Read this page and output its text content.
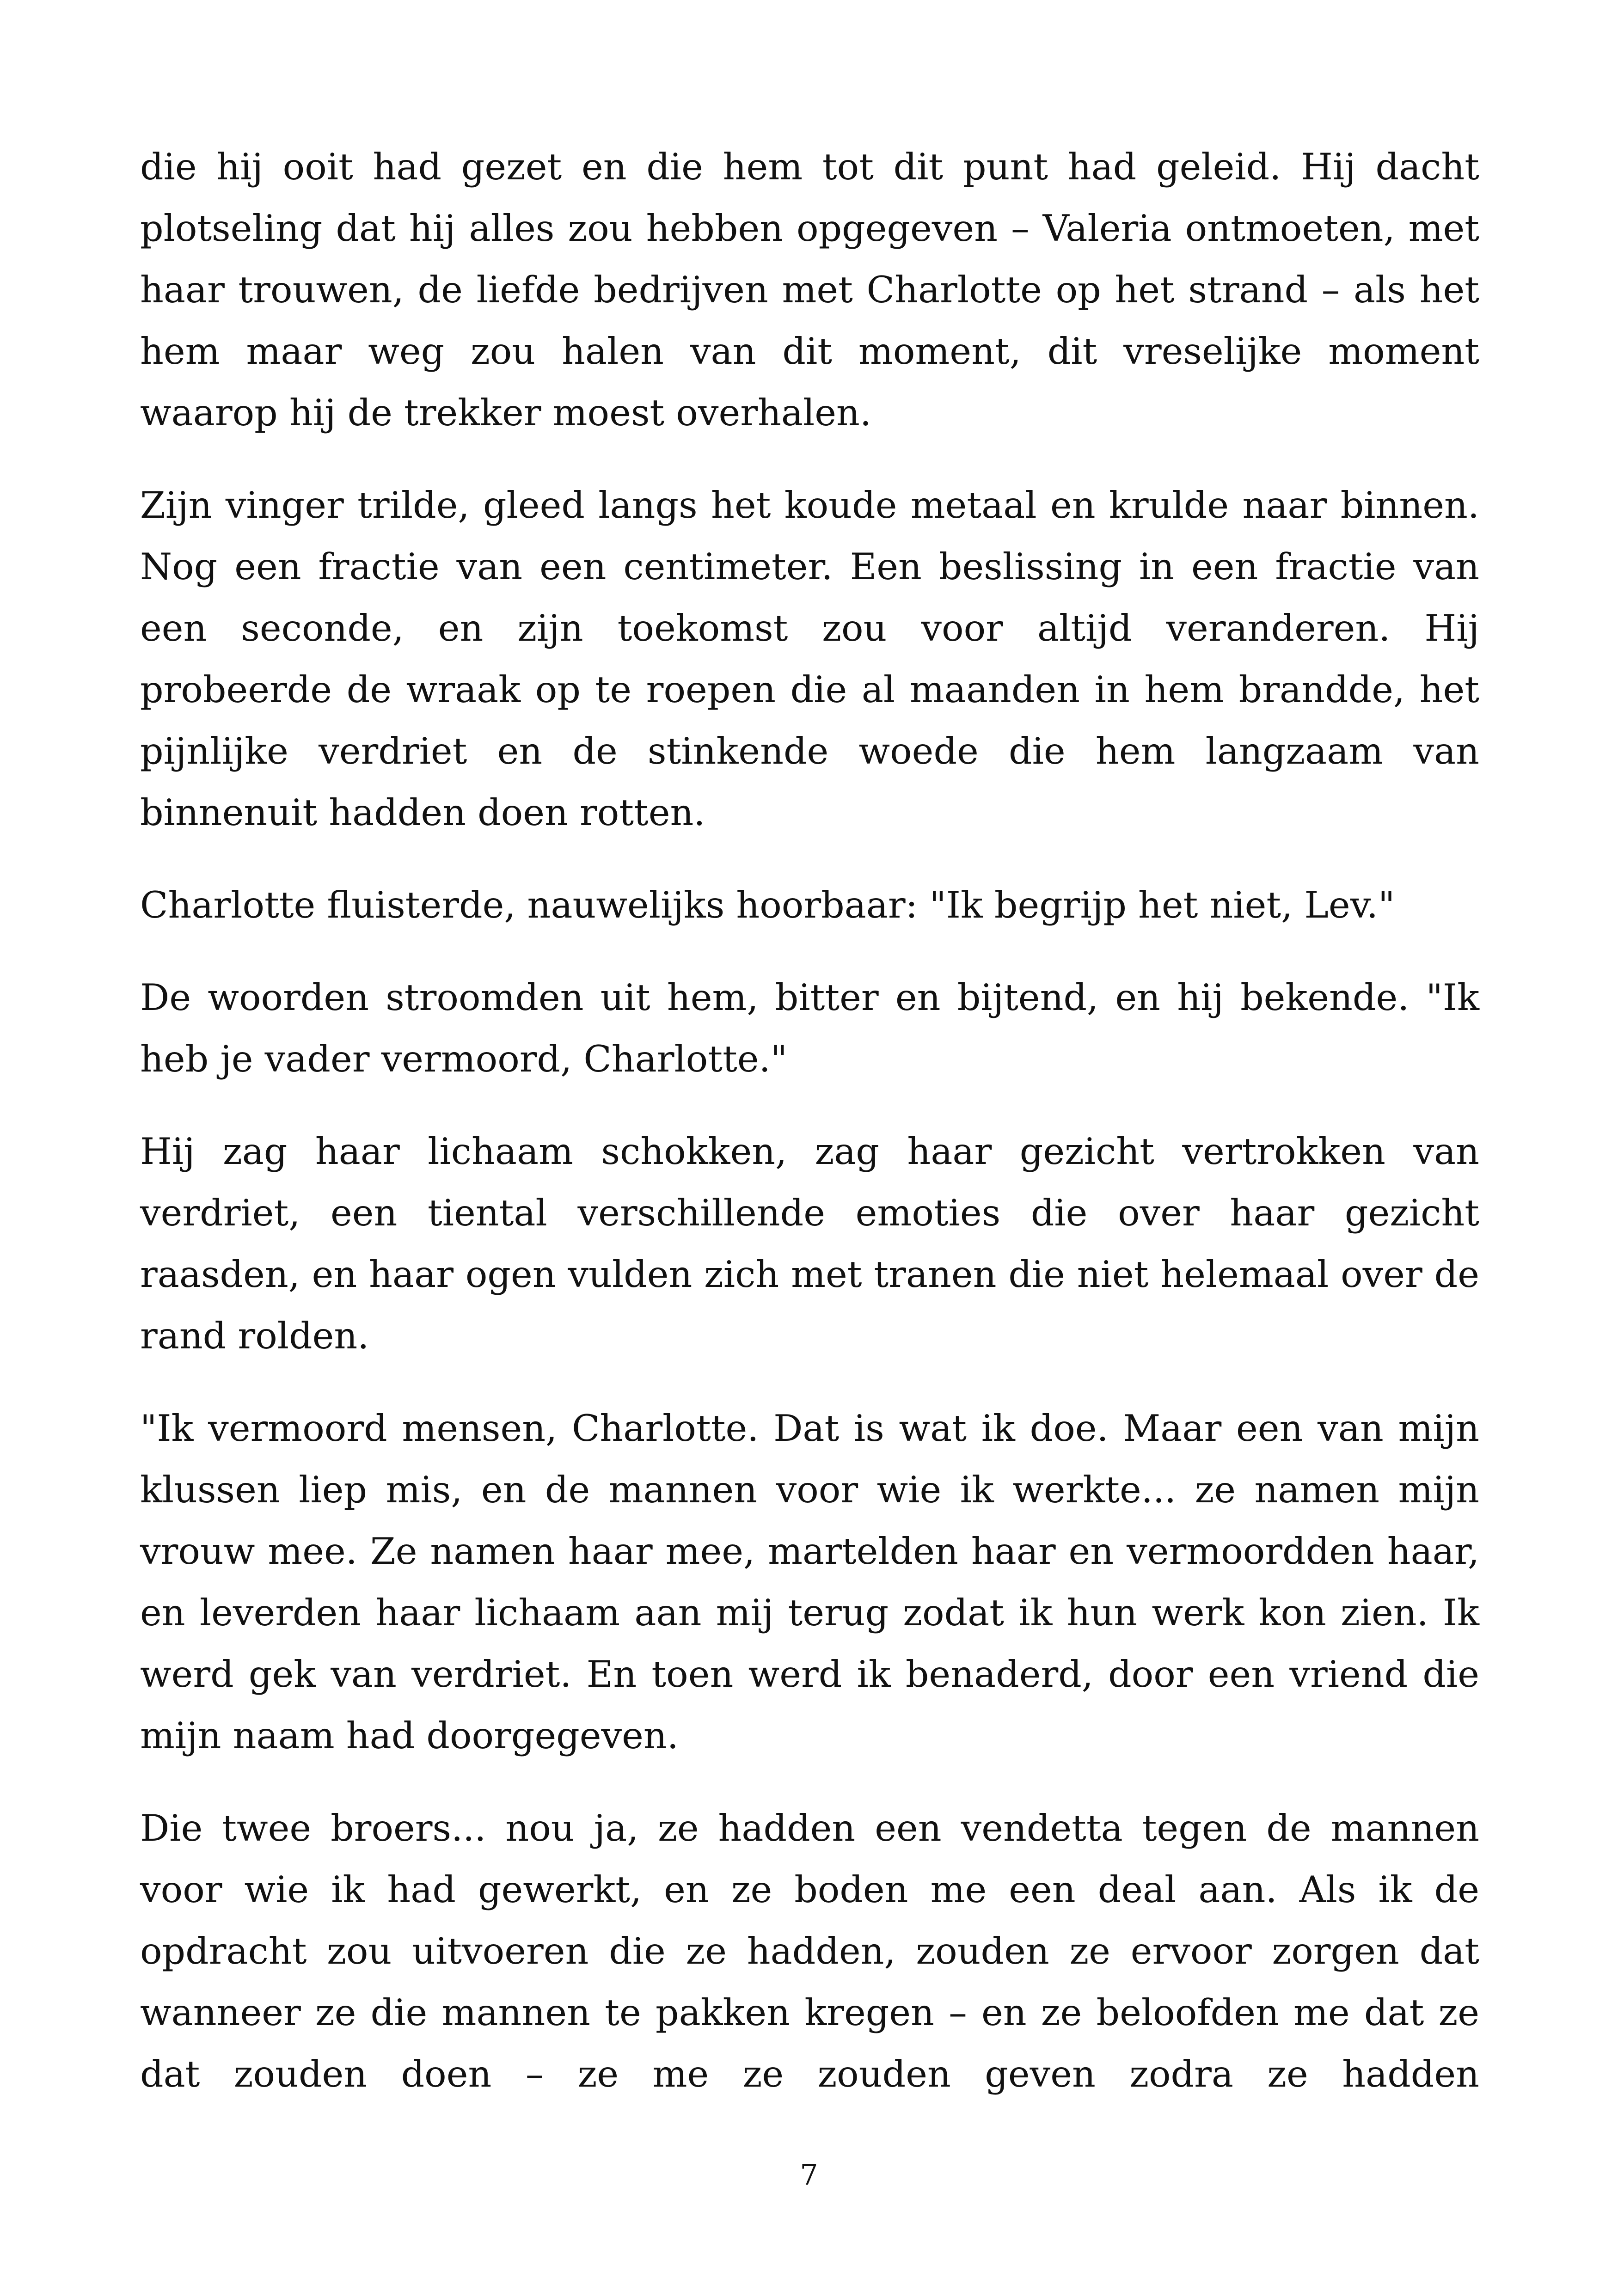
die hij ooit had gezet en die hem tot dit punt had geleid. Hij dacht plotseling dat hij alles zou hebben opgegeven – Valeria ontmoeten, met haar trouwen, de liefde bedrijven met Charlotte op het strand – als het hem maar weg zou halen van dit moment, dit vreselijke moment waarop hij de trekker moest overhalen.

Zijn vinger trilde, gleed langs het koude metaal en krulde naar binnen. Nog een fractie van een centimeter. Een beslissing in een fractie van een seconde, en zijn toekomst zou voor altijd veranderen. Hij probeerde de wraak op te roepen die al maanden in hem brandde, het pijnlijke verdriet en de stinkende woede die hem langzaam van binnenuit hadden doen rotten.

Charlotte fluisterde, nauwelijks hoorbaar: "Ik begrijp het niet, Lev."

De woorden stroomden uit hem, bitter en bijtend, en hij bekende. "Ik heb je vader vermoord, Charlotte."

Hij zag haar lichaam schokken, zag haar gezicht vertrokken van verdriet, een tiental verschillende emoties die over haar gezicht raasden, en haar ogen vulden zich met tranen die niet helemaal over de rand rolden.

"Ik vermoord mensen, Charlotte. Dat is wat ik doe. Maar een van mijn klussen liep mis, en de mannen voor wie ik werkte... ze namen mijn vrouw mee. Ze namen haar mee, martelden haar en vermoordden haar, en leverden haar lichaam aan mij terug zodat ik hun werk kon zien. Ik werd gek van verdriet. En toen werd ik benaderd, door een vriend die mijn naam had doorgegeven.

Die twee broers... nou ja, ze hadden een vendetta tegen de mannen voor wie ik had gewerkt, en ze boden me een deal aan. Als ik de opdracht zou uitvoeren die ze hadden, zouden ze ervoor zorgen dat wanneer ze die mannen te pakken kregen – en ze beloofden me dat ze dat zouden doen – ze me ze zouden geven zodra ze hadden

7
